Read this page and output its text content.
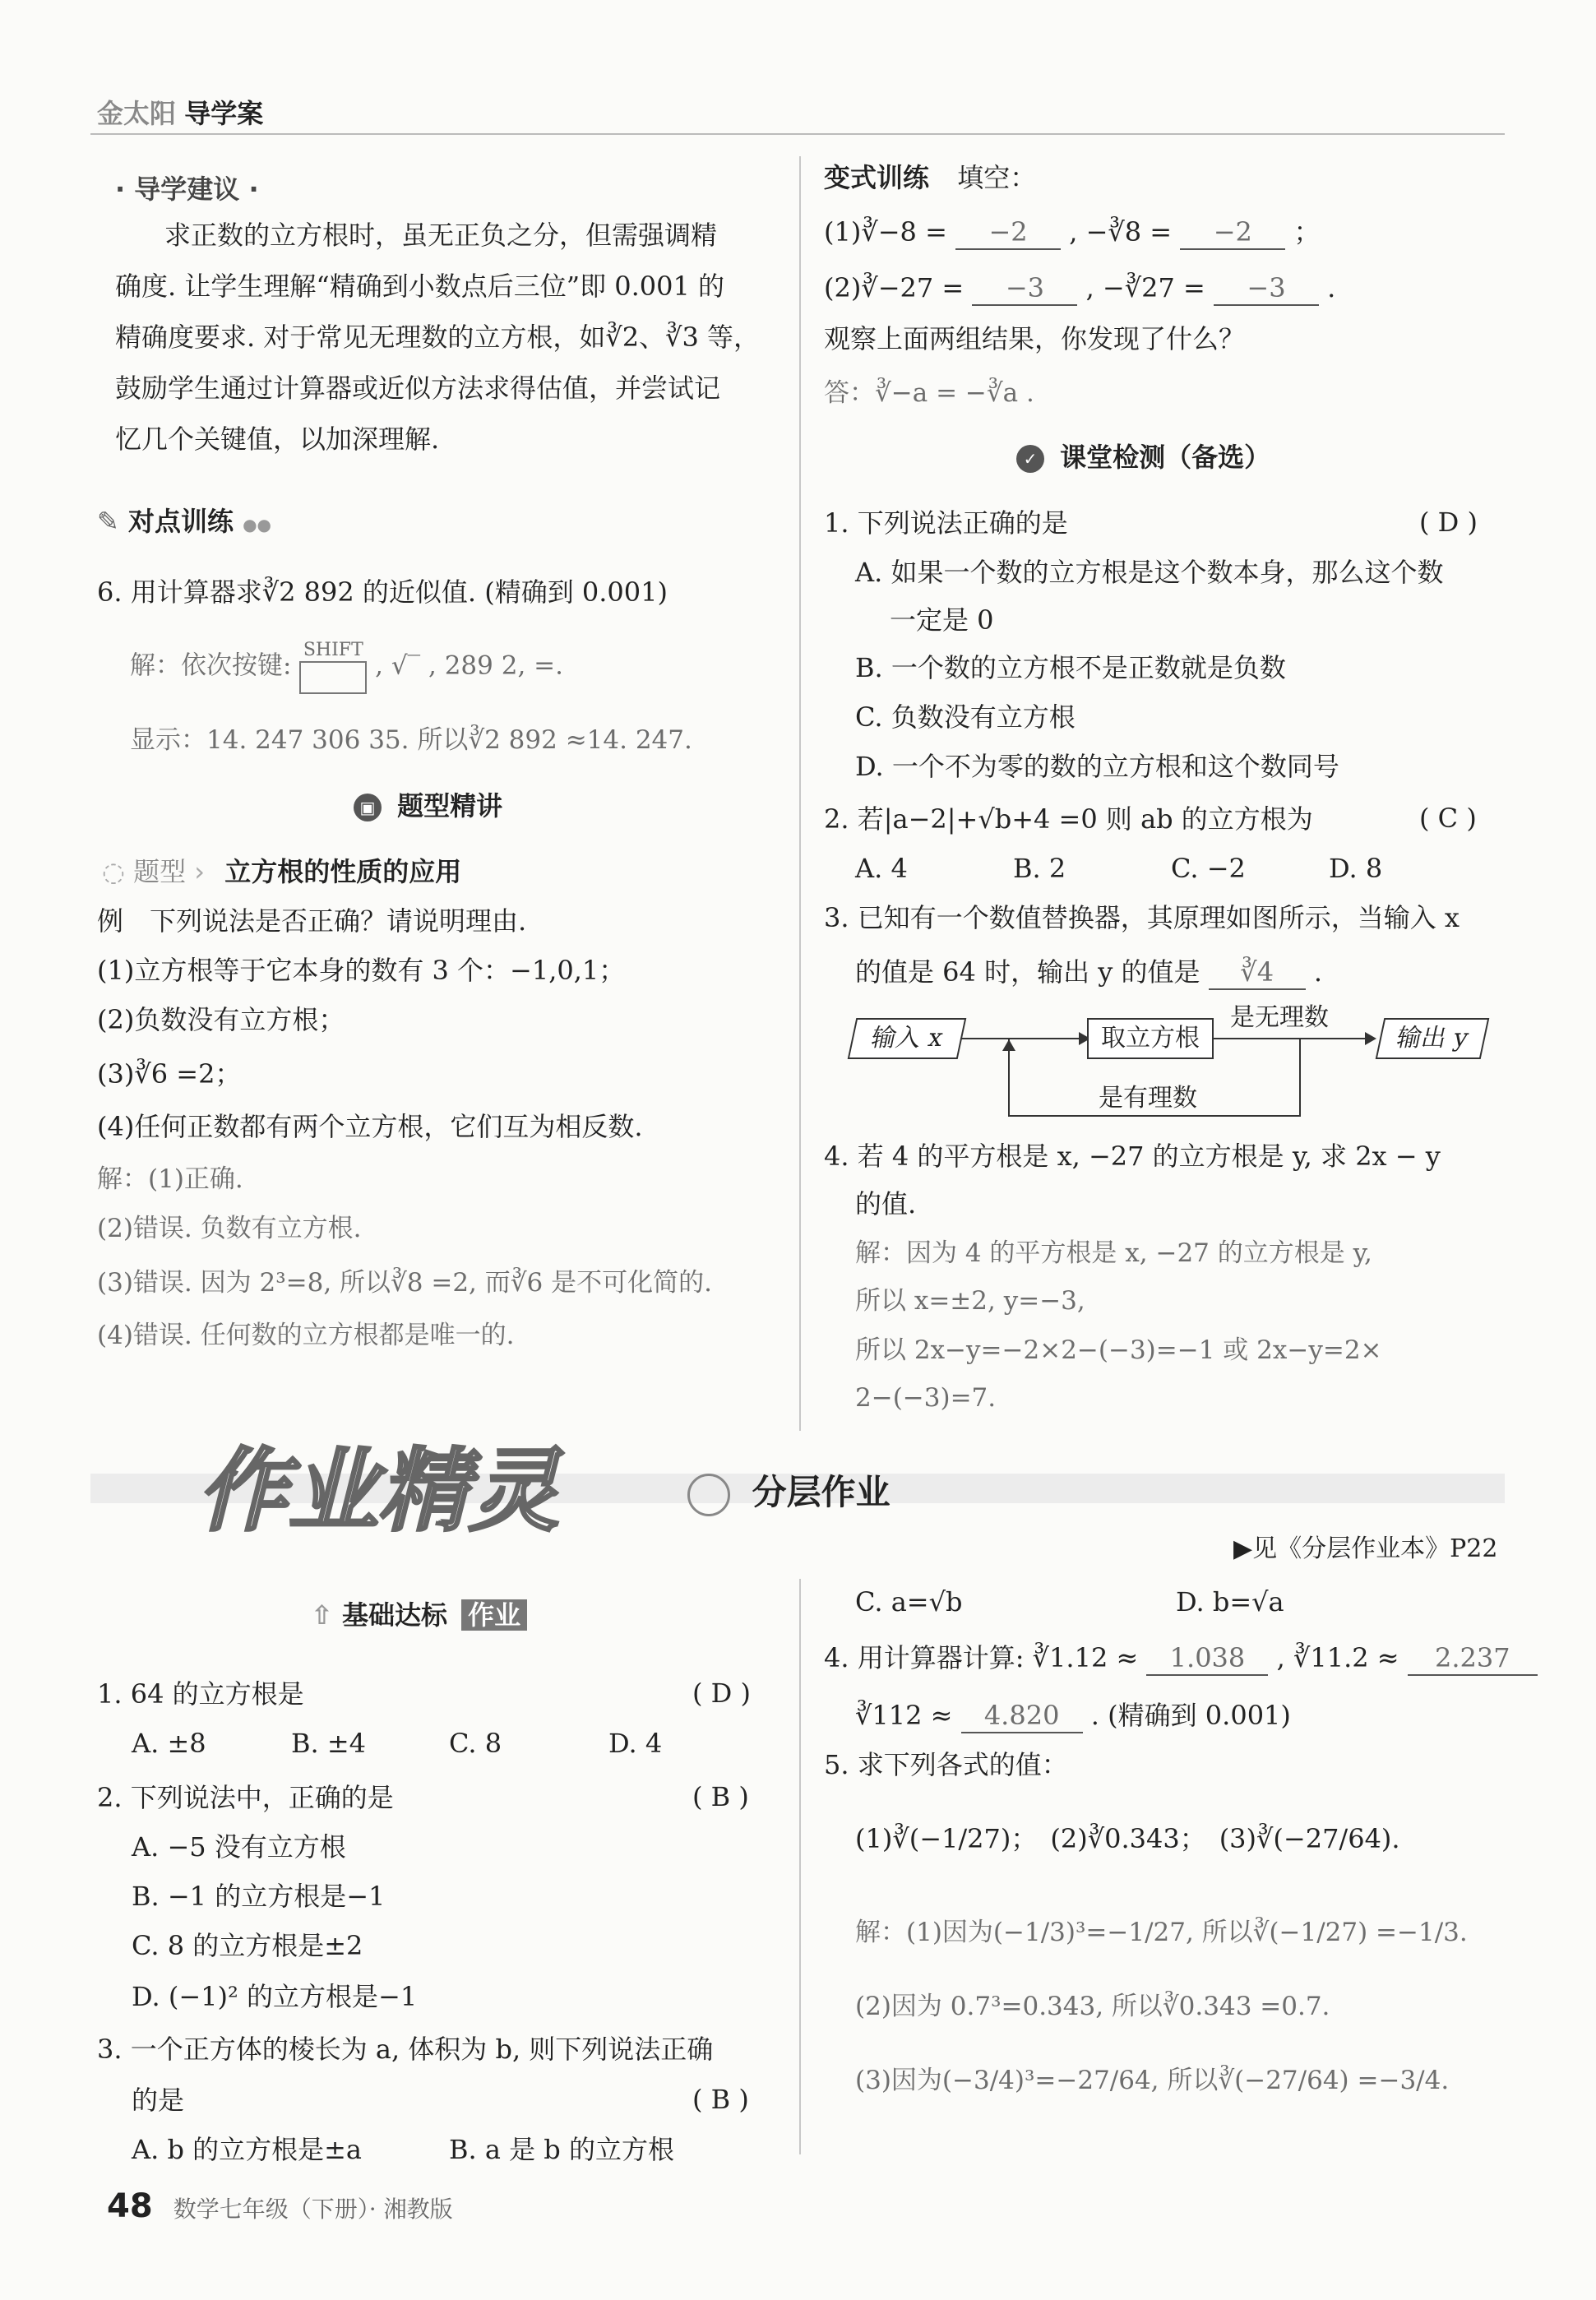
金太阳 导学案
· 导学建议 ·
求正数的立方根时，虽无正负之分，但需强调精
确度. 让学生理解“精确到小数点后三位”即 0.001 的
精确度要求. 对于常见无理数的立方根，如∛2、∛3 等，
鼓励学生通过计算器或近似方法求得估值，并尝试记
忆几个关键值，以加深理解.
✎ 对点训练 ●●
6. 用计算器求∛2 892 的近似值. (精确到 0.001)
解：依次按键:
SHIFT
, √‾ , 289 2, =.
显示：14. 247 306 35. 所以∛2 892 ≈14. 247.
▣ 题型精讲
◌ 题型 › 立方根的性质的应用
例　下列说法是否正确？请说明理由.
(1)立方根等于它本身的数有 3 个：−1,0,1；
(2)负数没有立方根；
(3)∛6 =2；
(4)任何正数都有两个立方根，它们互为相反数.
解：(1)正确.
(2)错误. 负数有立方根.
(3)错误. 因为 2³=8, 所以∛8 =2, 而∛6 是不可化简的.
(4)错误. 任何数的立方根都是唯一的.
变式训练 填空：
(1)∛−8 = −2 , −∛8 = −2 ；
(2)∛−27 = −3 , −∛27 = −3 .
观察上面两组结果，你发现了什么？
答：∛−a = −∛a .
✓ 课堂检测（备选）
1. 下列说法正确的是	( D )
A. 如果一个数的立方根是这个数本身，那么这个数
一定是 0
B. 一个数的立方根不是正数就是负数
C. 负数没有立方根
D. 一个不为零的数的立方根和这个数同号
2. 若|a−2|+√b+4 =0 则 ab 的立方根为	( C )
A. 4	B. 2	C. −2	D. 8
3. 已知有一个数值替换器，其原理如图所示，当输入 x
的值是 64 时，输出 y 的值是 ∛4 .
输入 x	取立方根
是无理数
输出 y
是有理数
4. 若 4 的平方根是 x, −27 的立方根是 y, 求 2x − y
的值.
解：因为 4 的平方根是 x, −27 的立方根是 y,
所以 x=±2, y=−3,
所以 2x−y=−2×2−(−3)=−1 或 2x−y=2×
2−(−3)=7.
作业精灵	分层作业
▶见《分层作业本》P22
⇧ 基础达标 作业
1. 64 的立方根是	( D )
A. ±8	B. ±4	C. 8	D. 4
2. 下列说法中，正确的是	( B )
A. −5 没有立方根
B. −1 的立方根是−1
C. 8 的立方根是±2
D. (−1)² 的立方根是−1
3. 一个正方体的棱长为 a, 体积为 b, 则下列说法正确
的是	( B )
A. b 的立方根是±a	B. a 是 b 的立方根
C. a=√b	D. b=√a
4. 用计算器计算: ∛1.12 ≈ 1.038 , ∛11.2 ≈ 2.237
∛112 ≈ 4.820 . (精确到 0.001)
5. 求下列各式的值：
(1)∛(−1/27)；　(2)∛0.343；　(3)∛(−27/64).
解：(1)因为(−1/3)³=−1/27, 所以∛(−1/27) =−1/3.
(2)因为 0.7³=0.343, 所以∛0.343 =0.7.
(3)因为(−3/4)³=−27/64, 所以∛(−27/64) =−3/4.
48 数学七年级（下册）· 湘教版
